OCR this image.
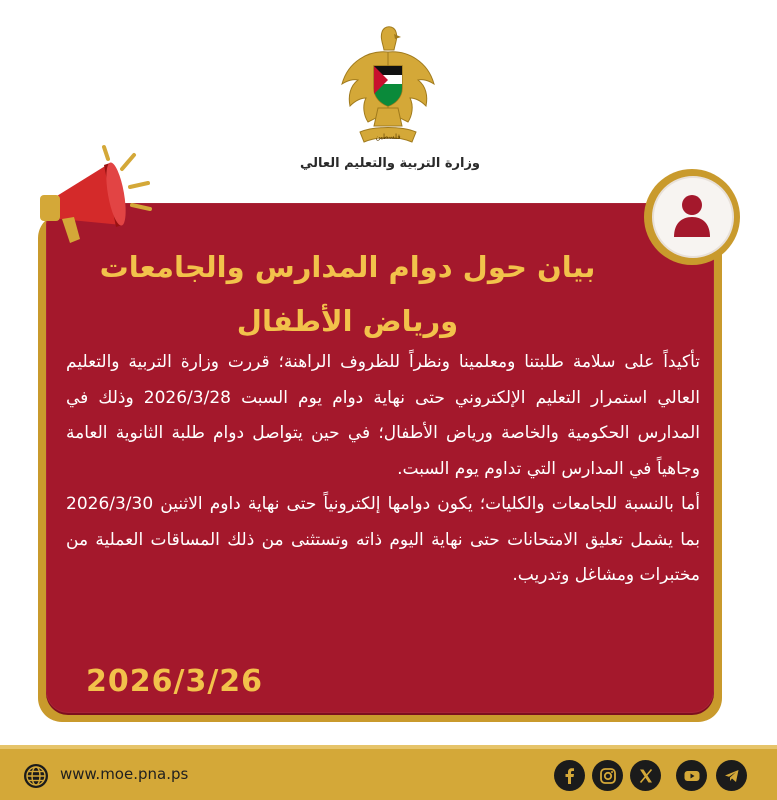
فلسطين
وزارة التربية والتعليم العالي
بيان حول دوام المدارس والجامعات
ورياض الأطفال

تأكيداً على سلامة طلبتنا ومعلمينا ونظراً للظروف الراهنة؛ قررت وزارة التربية والتعليم العالي استمرار التعليم الإلكتروني حتى نهاية دوام يوم السبت 2026/3/28 وذلك في المدارس الحكومية والخاصة ورياض الأطفال؛ في حين يتواصل دوام طلبة الثانوية العامة وجاهياً في المدارس التي تداوم يوم السبت.

أما بالنسبة للجامعات والكليات؛ يكون دوامها إلكترونياً حتى نهاية داوم الاثنين 2026/3/30 بما يشمل تعليق الامتحانات حتى نهاية اليوم ذاته وتستثنى من ذلك المساقات العملية من مختبرات ومشاغل وتدريب.

2026/3/26
www.moe.pna.ps
